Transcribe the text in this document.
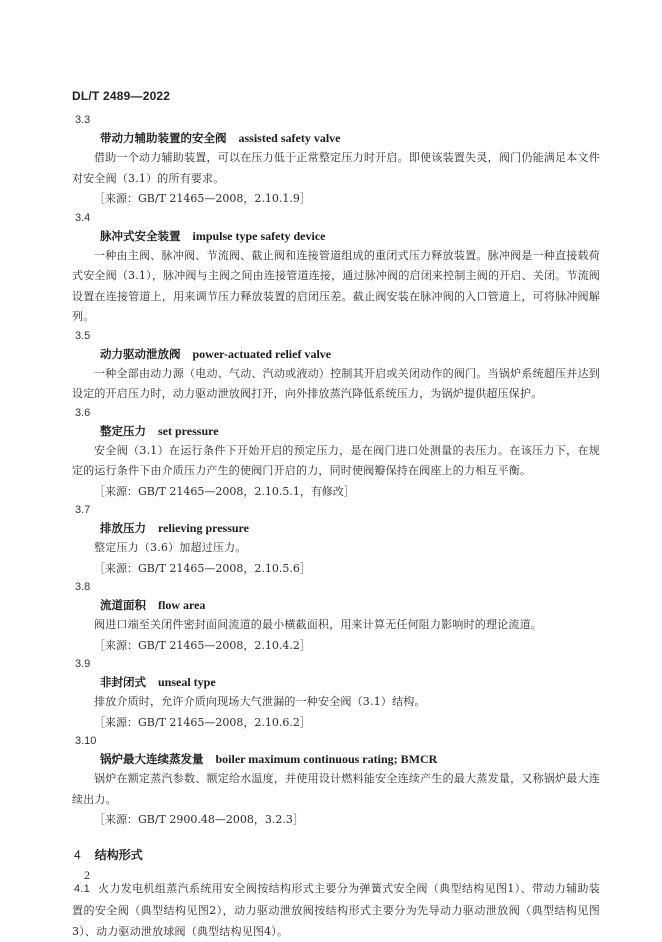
DL/T 2489—2022
3.3
带动力辅助装置的安全阀 assisted safety valve

借助一个动力辅助装置，可以在压力低于正常整定压力时开启。即使该装置失灵，阀门仍能满足本文件对安全阀（3.1）的所有要求。

［来源：GB/T 21465—2008，2.10.1.9］
3.4
脉冲式安全装置 impulse type safety device

一种由主阀、脉冲阀、节流阀、截止阀和连接管道组成的重闭式压力释放装置。脉冲阀是一种直接载荷式安全阀（3.1），脉冲阀与主阀之间由连接管道连接，通过脉冲阀的启闭来控制主阀的开启、关闭。节流阀设置在连接管道上，用来调节压力释放装置的启闭压差。截止阀安装在脉冲阀的入口管道上，可将脉冲阀解列。

3.5
动力驱动泄放阀 power-actuated relief valve

一种全部由动力源（电动、气动、汽动或液动）控制其开启或关闭动作的阀门。当锅炉系统超压并达到设定的开启压力时，动力驱动泄放阀打开，向外排放蒸汽降低系统压力，为锅炉提供超压保护。

3.6
整定压力 set pressure

安全阀（3.1）在运行条件下开始开启的预定压力，是在阀门进口处测量的表压力。在该压力下，在规定的运行条件下由介质压力产生的使阀门开启的力，同时使阀瓣保持在阀座上的力相互平衡。

［来源：GB/T 21465—2008，2.10.5.1，有修改］
3.7
排放压力 relieving pressure

整定压力（3.6）加超过压力。

［来源：GB/T 21465—2008，2.10.5.6］
3.8
流道面积 flow area

阀进口端至关闭件密封面间流道的最小横截面积，用来计算无任何阻力影响时的理论流道。

［来源：GB/T 21465—2008，2.10.4.2］
3.9
非封闭式 unseal type

排放介质时，允许介质向现场大气泄漏的一种安全阀（3.1）结构。

［来源：GB/T 21465—2008，2.10.6.2］
3.10
锅炉最大连续蒸发量 boiler maximum continuous rating; BMCR

锅炉在额定蒸汽参数、额定给水温度，并使用设计燃料能安全连续产生的最大蒸发量，又称锅炉最大连续出力。

［来源：GB/T 2900.48—2008，3.2.3］
4 结构形式
4.1 火力发电机组蒸汽系统用安全阀按结构形式主要分为弹簧式安全阀（典型结构见图1）、带动力辅助装置的安全阀（典型结构见图2），动力驱动泄放阀按结构形式主要分为先导动力驱动泄放阀（典型结构见图3）、动力驱动泄放球阀（典型结构见图4）。
2
